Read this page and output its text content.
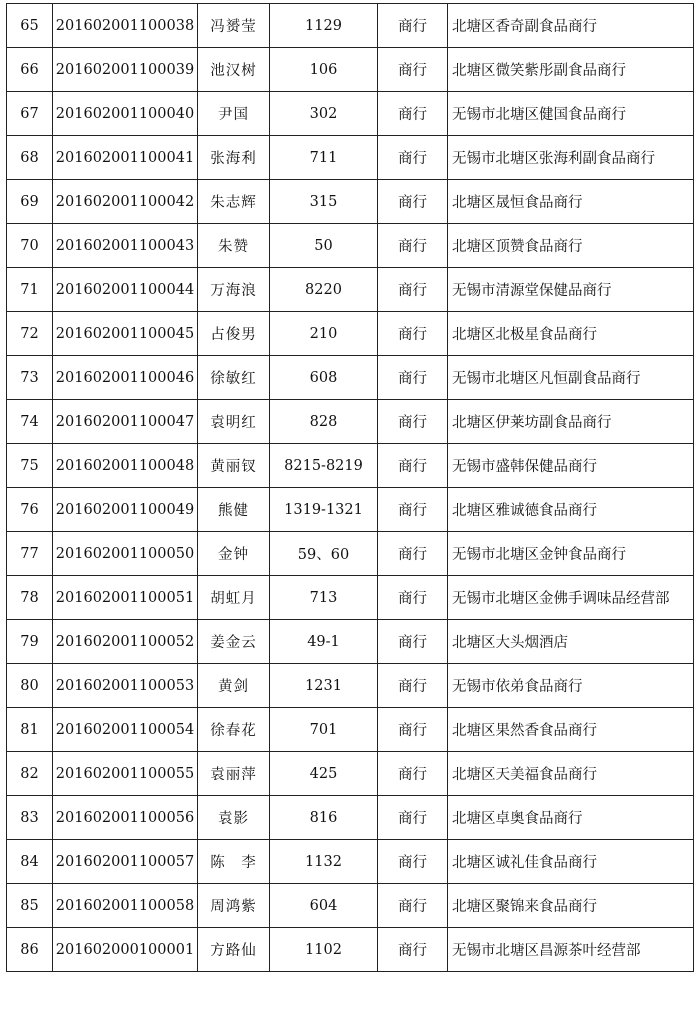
65	201602001100038	冯赟莹	1129	商行	北塘区香奇副食品商行
66	201602001100039	池汉树	106	商行	北塘区微笑紫彤副食品商行
67	201602001100040	尹国	302	商行	无锡市北塘区健国食品商行
68	201602001100041	张海利	711	商行	无锡市北塘区张海利副食品商行
69	201602001100042	朱志辉	315	商行	北塘区晟恒食品商行
70	201602001100043	朱赞	50	商行	北塘区顶赞食品商行
71	201602001100044	万海浪	8220	商行	无锡市清源堂保健品商行
72	201602001100045	占俊男	210	商行	北塘区北极星食品商行
73	201602001100046	徐敏红	608	商行	无锡市北塘区凡恒副食品商行
74	201602001100047	袁明红	828	商行	北塘区伊莱坊副食品商行
75	201602001100048	黄丽钗	8215-8219	商行	无锡市盛韩保健品商行
76	201602001100049	熊健	1319-1321	商行	北塘区雅诚德食品商行
77	201602001100050	金钟	59、60	商行	无锡市北塘区金钟食品商行
78	201602001100051	胡虹月	713	商行	无锡市北塘区金佛手调味品经营部
79	201602001100052	姜金云	49-1	商行	北塘区大头烟酒店
80	201602001100053	黄剑	1231	商行	无锡市依弟食品商行
81	201602001100054	徐春花	701	商行	北塘区果然香食品商行
82	201602001100055	袁丽萍	425	商行	北塘区天美福食品商行
83	201602001100056	袁影	816	商行	北塘区卓奥食品商行
84	201602001100057	陈　李	1132	商行	北塘区诚礼佳食品商行
85	201602001100058	周鸿紫	604	商行	北塘区聚锦来食品商行
86	201602000100001	方路仙	1102	商行	无锡市北塘区昌源茶叶经营部
